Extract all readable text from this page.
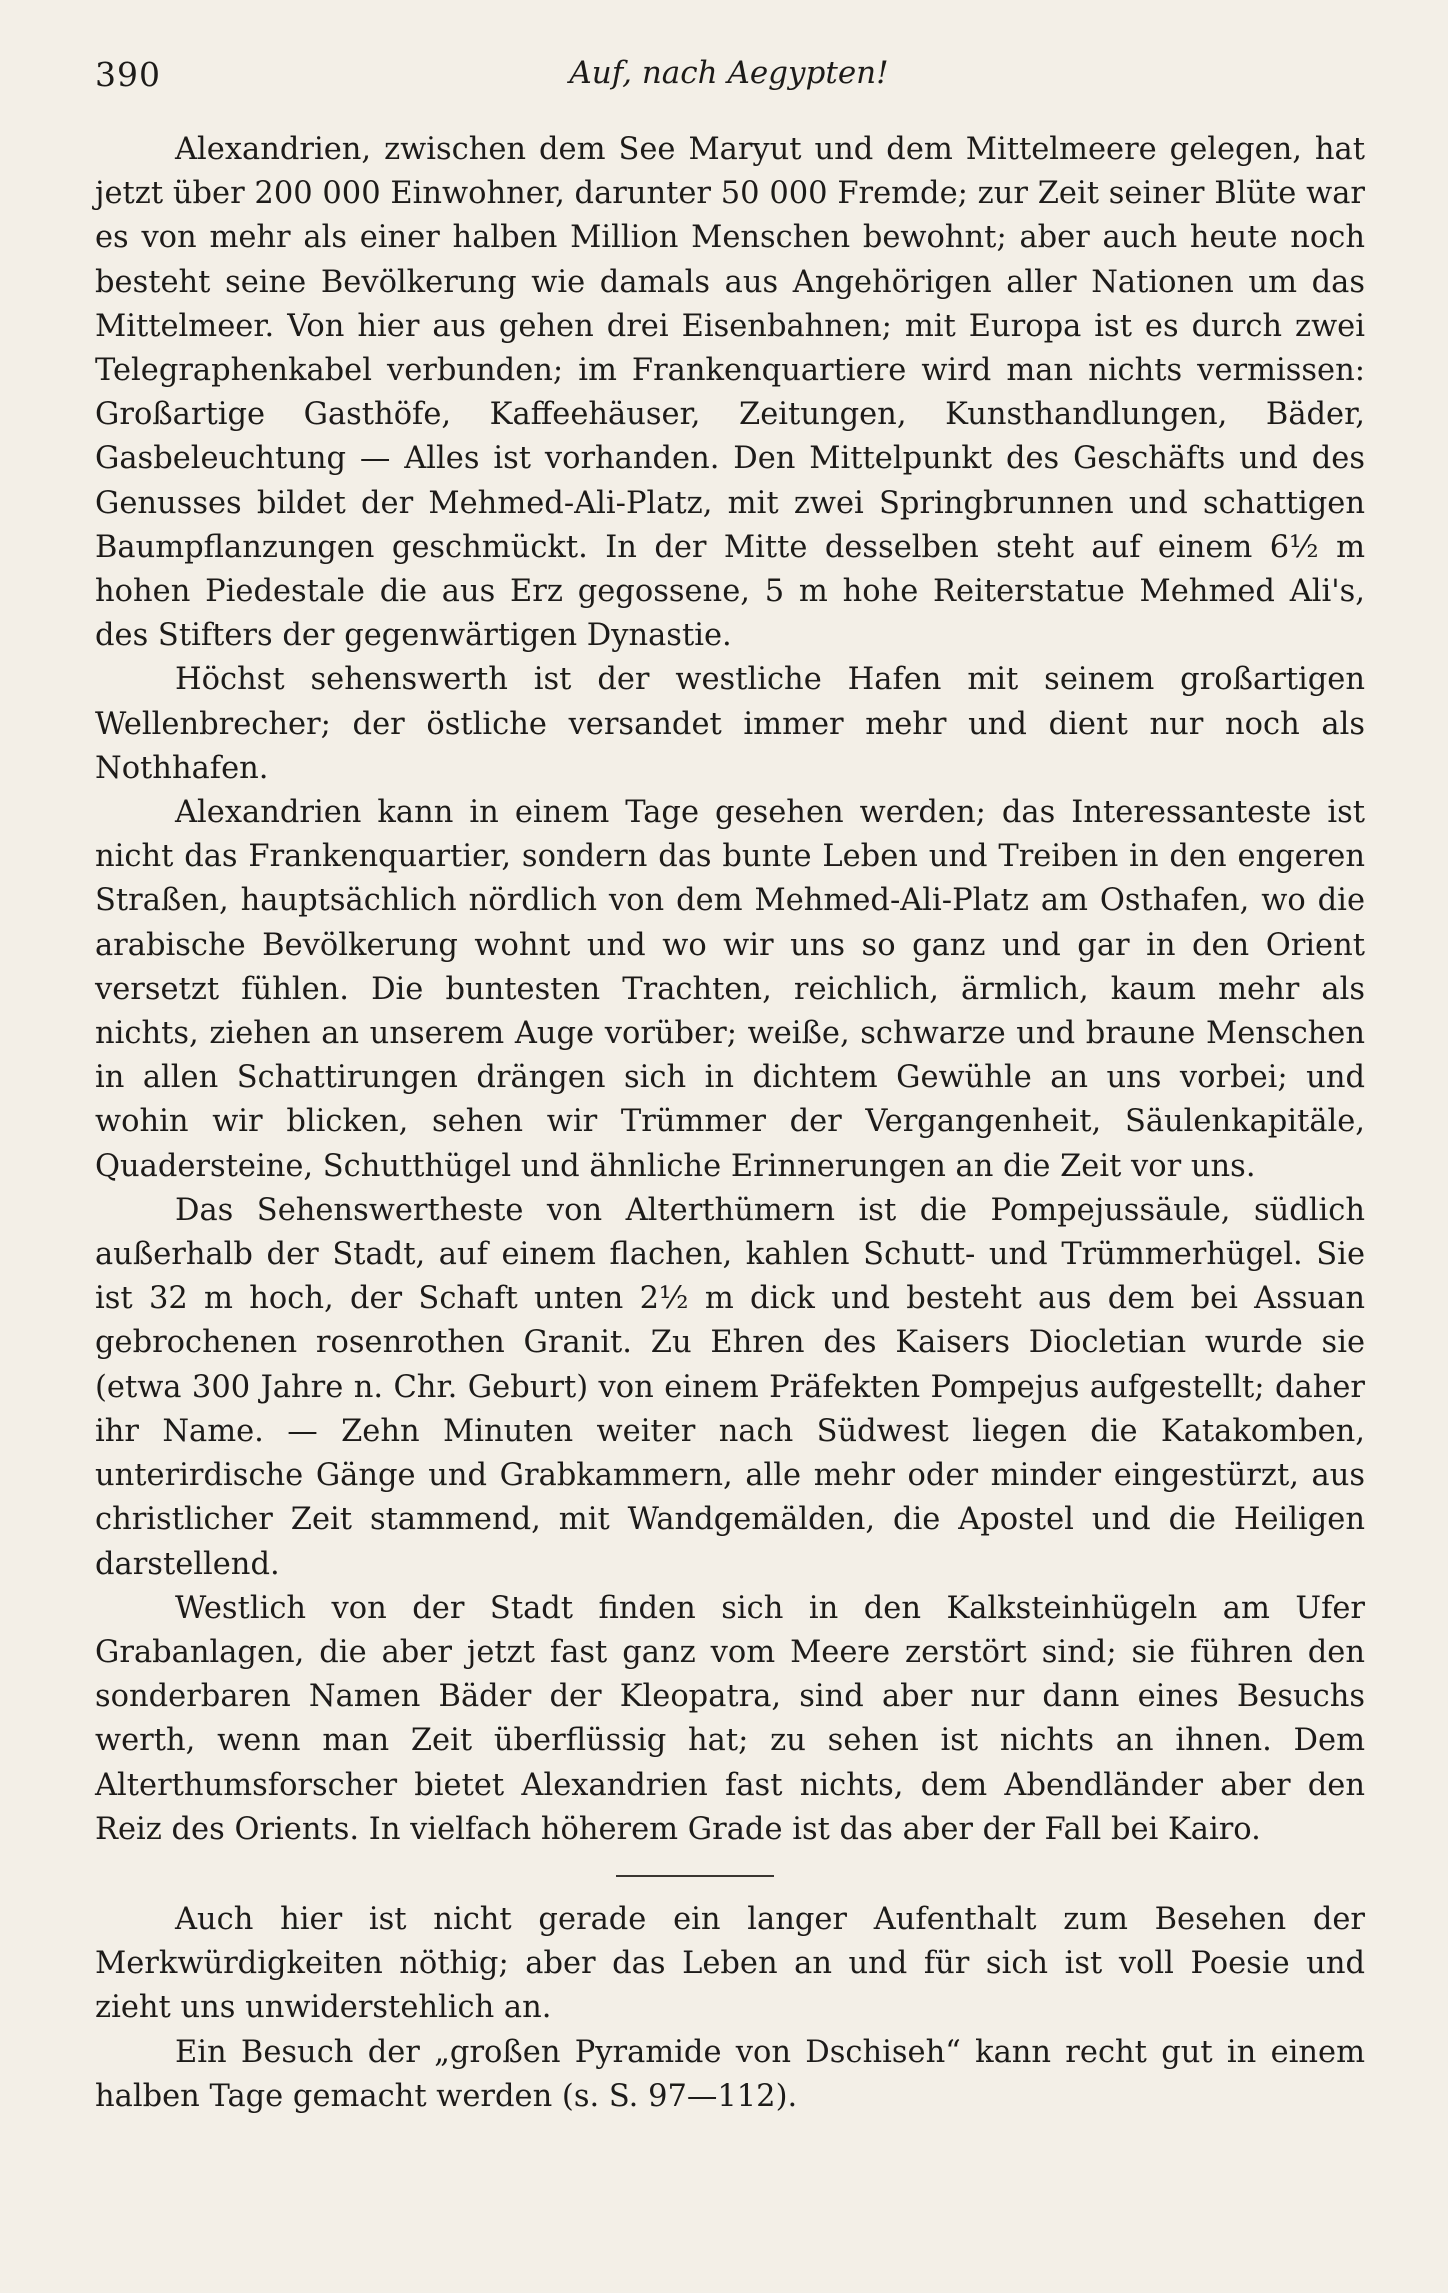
390	Auf, nach Aegypten!

Alexandrien, zwischen dem See Maryut und dem Mittelmeere gelegen, hat jetzt über 200 000 Einwohner, darunter 50 000 Fremde; zur Zeit seiner Blüte war es von mehr als einer halben Million Menschen bewohnt; aber auch heute noch besteht seine Bevölkerung wie damals aus Angehörigen aller Nationen um das Mittelmeer. Von hier aus gehen drei Eisenbahnen; mit Europa ist es durch zwei Telegraphenkabel verbunden; im Frankenquartiere wird man nichts vermissen: Großartige Gasthöfe, Kaffeehäuser, Zeitungen, Kunsthandlungen, Bäder, Gasbeleuchtung — Alles ist vorhanden. Den Mittelpunkt des Geschäfts und des Genusses bildet der Mehmed-Ali-Platz, mit zwei Springbrunnen und schattigen Baumpflanzungen geschmückt. In der Mitte desselben steht auf einem 6½ m hohen Piedestale die aus Erz gegossene, 5 m hohe Reiterstatue Mehmed Ali's, des Stifters der gegenwärtigen Dynastie.

Höchst sehenswerth ist der westliche Hafen mit seinem großartigen Wellenbrecher; der östliche versandet immer mehr und dient nur noch als Nothhafen.

Alexandrien kann in einem Tage gesehen werden; das Interessanteste ist nicht das Frankenquartier, sondern das bunte Leben und Treiben in den engeren Straßen, hauptsächlich nördlich von dem Mehmed-Ali-Platz am Osthafen, wo die arabische Bevölkerung wohnt und wo wir uns so ganz und gar in den Orient versetzt fühlen. Die buntesten Trachten, reichlich, ärmlich, kaum mehr als nichts, ziehen an unserem Auge vorüber; weiße, schwarze und braune Menschen in allen Schattirungen drängen sich in dichtem Gewühle an uns vorbei; und wohin wir blicken, sehen wir Trümmer der Vergangenheit, Säulenkapitäle, Quadersteine, Schutthügel und ähnliche Erinnerungen an die Zeit vor uns.

Das Sehenswertheste von Alterthümern ist die Pompejussäule, südlich außerhalb der Stadt, auf einem flachen, kahlen Schutt- und Trümmerhügel. Sie ist 32 m hoch, der Schaft unten 2½ m dick und besteht aus dem bei Assuan gebrochenen rosenrothen Granit. Zu Ehren des Kaisers Diocletian wurde sie (etwa 300 Jahre n. Chr. Geburt) von einem Präfekten Pompejus aufgestellt; daher ihr Name. — Zehn Minuten weiter nach Südwest liegen die Katakomben, unterirdische Gänge und Grabkammern, alle mehr oder minder eingestürzt, aus christlicher Zeit stammend, mit Wandgemälden, die Apostel und die Heiligen darstellend.

Westlich von der Stadt finden sich in den Kalksteinhügeln am Ufer Grabanlagen, die aber jetzt fast ganz vom Meere zerstört sind; sie führen den sonderbaren Namen Bäder der Kleopatra, sind aber nur dann eines Besuchs werth, wenn man Zeit überflüssig hat; zu sehen ist nichts an ihnen. Dem Alterthumsforscher bietet Alexandrien fast nichts, dem Abendländer aber den Reiz des Orients. In vielfach höherem Grade ist das aber der Fall bei Kairo.

Auch hier ist nicht gerade ein langer Aufenthalt zum Besehen der Merkwürdigkeiten nöthig; aber das Leben an und für sich ist voll Poesie und zieht uns unwiderstehlich an.

Ein Besuch der „großen Pyramide von Dschiseh“ kann recht gut in einem halben Tage gemacht werden (s. S. 97—112).
